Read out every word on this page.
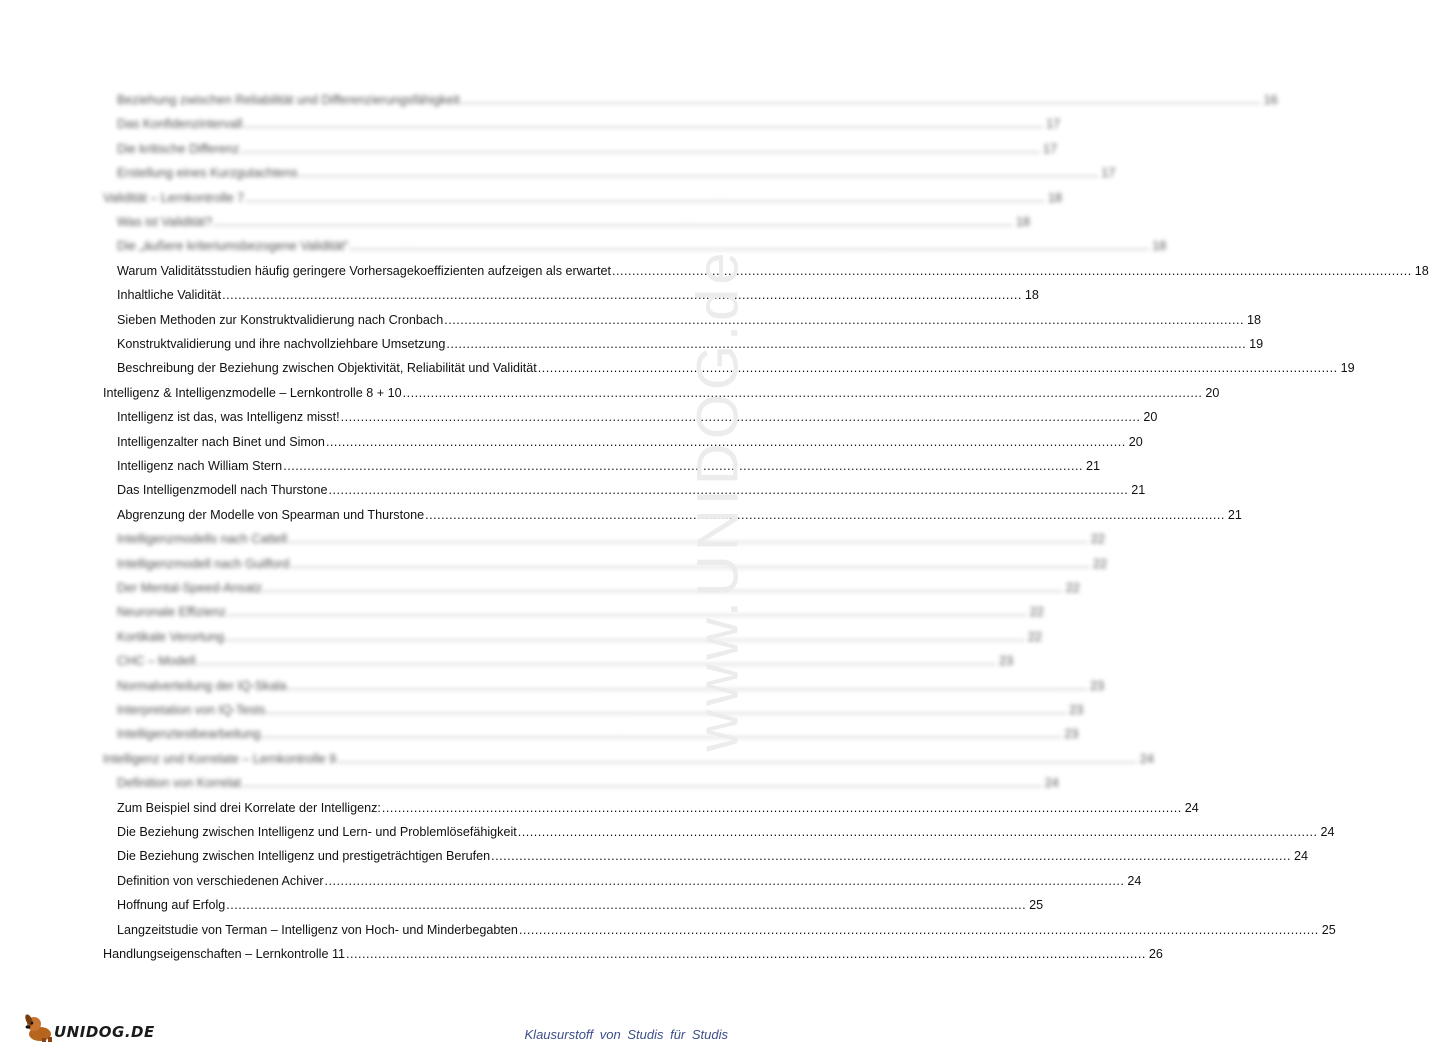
Beziehung zwischen Reliabilität und Differenzierungsfähigkeit ........................................................................................................................................................................................................ 16
Das Konfidenzintervall ........................................................................................................................................................................................................ 17
Die kritische Differenz ........................................................................................................................................................................................................ 17
Erstellung eines Kurzgutachtens ........................................................................................................................................................................................................ 17
Validität – Lernkontrolle 7 ........................................................................................................................................................................................................ 18
Was ist Validität? ........................................................................................................................................................................................................ 18
Die „äußere kriteriumsbezogene Validität“ ........................................................................................................................................................................................................ 18
Warum Validitätsstudien häufig geringere Vorhersagekoeffizienten aufzeigen als erwartet ........................................................................................................................................................................................................ 18
Inhaltliche Validität ........................................................................................................................................................................................................ 18
Sieben Methoden zur Konstruktvalidierung nach Cronbach ........................................................................................................................................................................................................ 18
Konstruktvalidierung und ihre nachvollziehbare Umsetzung ........................................................................................................................................................................................................ 19
Beschreibung der Beziehung zwischen Objektivität, Reliabilität und Validität ........................................................................................................................................................................................................ 19
Intelligenz & Intelligenzmodelle – Lernkontrolle 8 + 10 ........................................................................................................................................................................................................ 20
Intelligenz ist das, was Intelligenz misst! ........................................................................................................................................................................................................ 20
Intelligenzalter nach Binet und Simon ........................................................................................................................................................................................................ 20
Intelligenz nach William Stern ........................................................................................................................................................................................................ 21
Das Intelligenzmodell nach Thurstone ........................................................................................................................................................................................................ 21
Abgrenzung der Modelle von Spearman und Thurstone ........................................................................................................................................................................................................ 21
Intelligenzmodells nach Cattell ........................................................................................................................................................................................................ 22
Intelligenzmodell nach Guilford ........................................................................................................................................................................................................ 22
Der Mental-Speed-Ansatz ........................................................................................................................................................................................................ 22
Neuronale Effizienz ........................................................................................................................................................................................................ 22
Kortikale Verortung ........................................................................................................................................................................................................ 22
CHC – Modell ........................................................................................................................................................................................................ 23
Normalverteilung der IQ-Skala ........................................................................................................................................................................................................ 23
Interpretation von IQ-Tests ........................................................................................................................................................................................................ 23
Intelligenztestbearbeitung ........................................................................................................................................................................................................ 23
Intelligenz und Korrelate – Lernkontrolle 9 ........................................................................................................................................................................................................ 24
Definition von Korrelat ........................................................................................................................................................................................................ 24
Zum Beispiel sind drei Korrelate der Intelligenz: ........................................................................................................................................................................................................ 24
Die Beziehung zwischen Intelligenz und Lern- und Problemlösefähigkeit ........................................................................................................................................................................................................ 24
Die Beziehung zwischen Intelligenz und prestigeträchtigen Berufen ........................................................................................................................................................................................................ 24
Definition von verschiedenen Achiver ........................................................................................................................................................................................................ 24
Hoffnung auf Erfolg ........................................................................................................................................................................................................ 25
Langzeitstudie von Terman – Intelligenz von Hoch- und Minderbegabten ........................................................................................................................................................................................................ 25
Handlungseigenschaften – Lernkontrolle 11 ........................................................................................................................................................................................................ 26
www.UNIDOG.de
UNIDOG.DE	Klausurstoff von Studis für Studis
